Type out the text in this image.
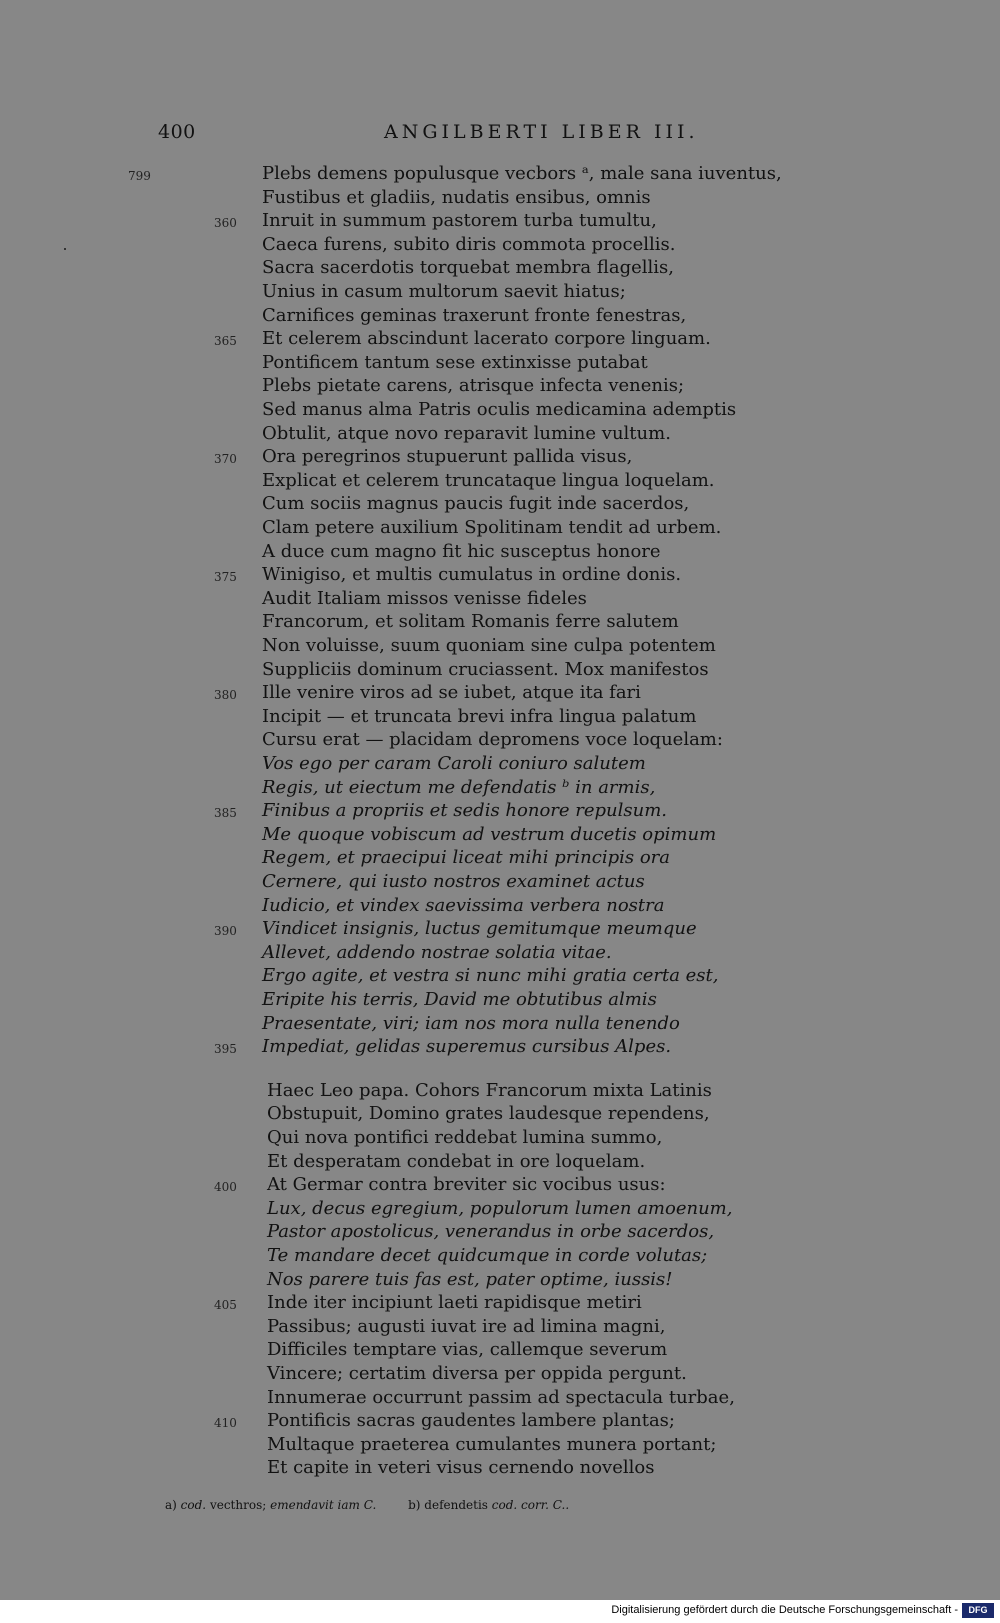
400	ANGILBERTI LIBER III.
799	Plebs demens populusque vecbors ᵃ, male sana iuventus,
Fustibus et gladiis, nudatis ensibus, omnis
360	Inruit in summum pastorem turba tumultu,
Caeca furens, subito diris commota procellis.
Sacra sacerdotis torquebat membra flagellis,
Unius in casum multorum saevit hiatus;
Carnifices geminas traxerunt fronte fenestras,
365	Et celerem abscindunt lacerato corpore linguam.
Pontificem tantum sese extinxisse putabat
Plebs pietate carens, atrisque infecta venenis;
Sed manus alma Patris oculis medicamina ademptis
Obtulit, atque novo reparavit lumine vultum.
370	Ora peregrinos stupuerunt pallida visus,
Explicat et celerem truncataque lingua loquelam.
Cum sociis magnus paucis fugit inde sacerdos,
Clam petere auxilium Spolitinam tendit ad urbem.
A duce cum magno fit hic susceptus honore
375	Winigiso, et multis cumulatus in ordine donis.
Audit Italiam missos venisse fideles
Francorum, et solitam Romanis ferre salutem
Non voluisse, suum quoniam sine culpa potentem
Suppliciis dominum cruciassent. Mox manifestos
380	Ille venire viros ad se iubet, atque ita fari
Incipit — et truncata brevi infra lingua palatum
Cursu erat — placidam depromens voce loquelam:
Vos ego per caram Caroli coniuro salutem
Regis, ut eiectum me defendatis ᵇ in armis,
385	Finibus a propriis et sedis honore repulsum.
Me quoque vobiscum ad vestrum ducetis opimum
Regem, et praecipui liceat mihi principis ora
Cernere, qui iusto nostros examinet actus
Iudicio, et vindex saevissima verbera nostra
390	Vindicet insignis, luctus gemitumque meumque
Allevet, addendo nostrae solatia vitae.
Ergo agite, et vestra si nunc mihi gratia certa est,
Eripite his terris, David me obtutibus almis
Praesentate, viri; iam nos mora nulla tenendo
395	Impediat, gelidas superemus cursibus Alpes.
Haec Leo papa. Cohors Francorum mixta Latinis
Obstupuit, Domino grates laudesque rependens,
Qui nova pontifici reddebat lumina summo,
Et desperatam condebat in ore loquelam.
400	At Germar contra breviter sic vocibus usus:
Lux, decus egregium, populorum lumen amoenum,
Pastor apostolicus, venerandus in orbe sacerdos,
Te mandare decet quidcumque in corde volutas;
Nos parere tuis fas est, pater optime, iussis!
405	Inde iter incipiunt laeti rapidisque metiri
Passibus; augusti iuvat ire ad limina magni,
Difficiles temptare vias, callemque severum
Vincere; certatim diversa per oppida pergunt.
Innumerae occurrunt passim ad spectacula turbae,
410	Pontificis sacras gaudentes lambere plantas;
Multaque praeterea cumulantes munera portant;
Et capite in veteri visus cernendo novellos
a) cod. vecthros; emendavit iam C.	b) defendetis cod. corr. C..
Digitalisierung gefördert durch die Deutsche Forschungsgemeinschaft -	DFG
